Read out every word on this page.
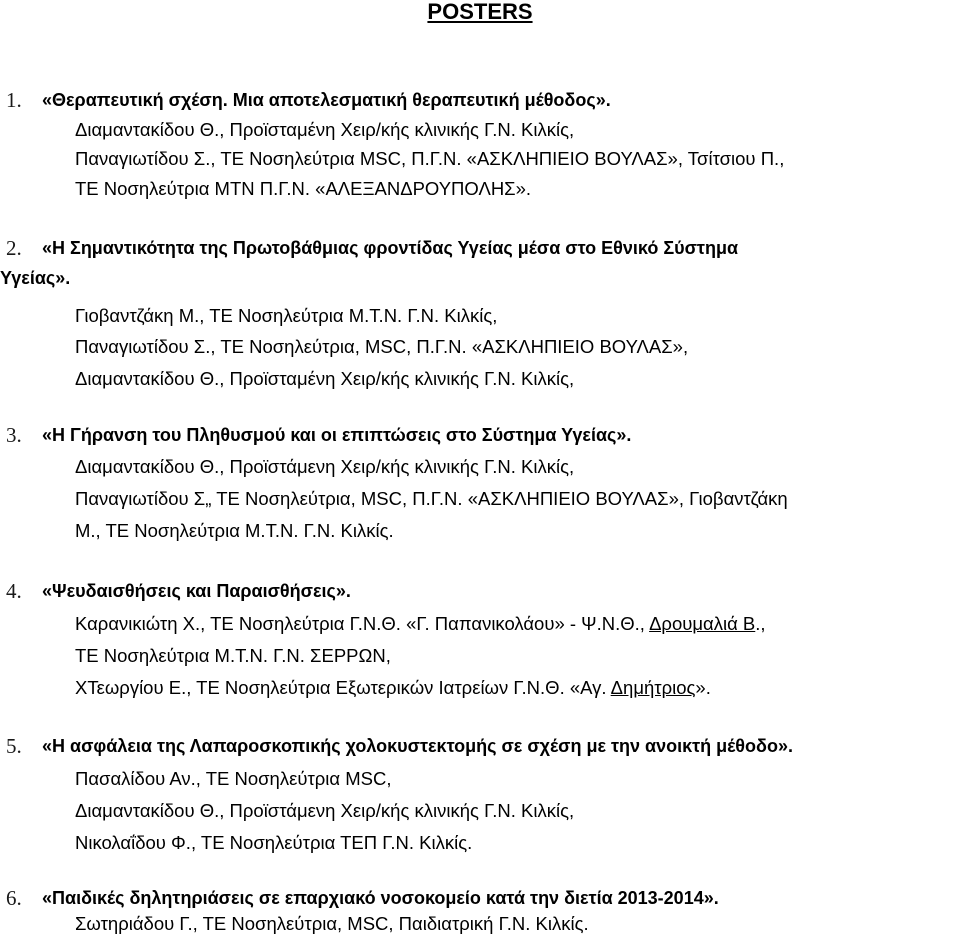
POSTERS
1. «Θεραπευτική σχέση. Μια αποτελεσματική θεραπευτική μέθοδος».
Διαμαντακίδου Θ., Προϊσταμένη Χειρ/κής κλινικής Γ.Ν. Κιλκίς,
Παναγιωτίδου Σ., ΤΕ Νοσηλεύτρια MSC, Π.Γ.Ν. «ΑΣΚΛΗΠΙΕΙΟ ΒΟΥΛΑΣ», Τσίτσιου Π.,
ΤΕ Νοσηλεύτρια ΜΤΝ Π.Γ.Ν. «ΑΛΕΞΑΝΔΡΟΥΠΟΛΗΣ».
2. «Η Σημαντικότητα της Πρωτοβάθμιας φροντίδας Υγείας μέσα στο Εθνικό Σύστημα
Υγείας».
Γιοβαντζάκη Μ., ΤΕ Νοσηλεύτρια Μ.Τ.Ν. Γ.Ν. Κιλκίς,
Παναγιωτίδου Σ., ΤΕ Νοσηλεύτρια, MSC, Π.Γ.Ν. «ΑΣΚΛΗΠΙΕΙΟ ΒΟΥΛΑΣ»,
Διαμαντακίδου Θ., Προϊσταμένη Χειρ/κής κλινικής Γ.Ν. Κιλκίς,
3. «Η Γήρανση του Πληθυσμού και οι επιπτώσεις στο Σύστημα Υγείας».
Διαμαντακίδου Θ., Προϊστάμενη Χειρ/κής κλινικής Γ.Ν. Κιλκίς,
Παναγιωτίδου Σ„ ΤΕ Νοσηλεύτρια, MSC, Π.Γ.Ν. «ΑΣΚΛΗΠΙΕΙΟ ΒΟΥΛΑΣ», Γιοβαντζάκη
Μ., ΤΕ Νοσηλεύτρια Μ.Τ.Ν. Γ.Ν. Κιλκίς.
4. «Ψευδαισθήσεις και Παραισθήσεις».
Καρανικιώτη Χ., ΤΕ Νοσηλεύτρια Γ.Ν.Θ. «Γ. Παπανικολάου» - Ψ.Ν.Θ., Δρουμαλιά Β.,
ΤΕ Νοσηλεύτρια Μ.Τ.Ν. Γ.Ν. ΣΕΡΡΩΝ,
ΧΤεωργίου Ε., ΤΕ Νοσηλεύτρια Εξωτερικών Ιατρείων Γ.Ν.Θ. «Αγ. Δημήτριος».
5. «Η ασφάλεια της Λαπαροσκοπικής χολοκυστεκτομής σε σχέση με την ανοικτή μέθοδο».
Πασαλίδου Αν., ΤΕ Νοσηλεύτρια MSC,
Διαμαντακίδου Θ., Προϊστάμενη Χειρ/κής κλινικής Γ.Ν. Κιλκίς,
Νικολαΐδου Φ., ΤΕ Νοσηλεύτρια ΤΕΠ Γ.Ν. Κιλκίς.
6. «Παιδικές δηλητηριάσεις σε επαρχιακό νοσοκομείο κατά την διετία 2013-2014».
Σωτηριάδου Γ., ΤΕ Νοσηλεύτρια, MSC, Παιδιατρική Γ.Ν. Κιλκίς.
